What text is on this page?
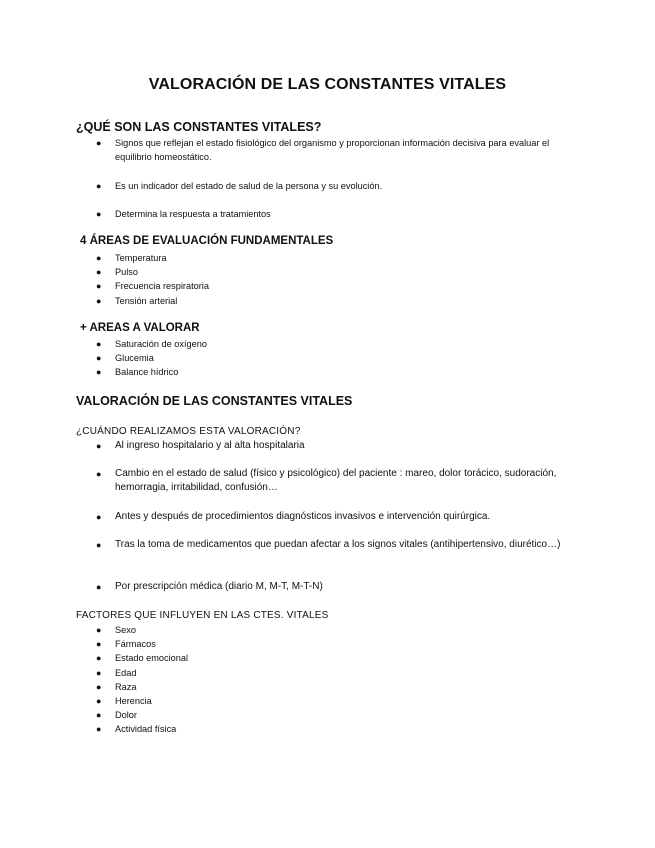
VALORACIÓN DE LAS CONSTANTES VITALES
¿QUÉ SON LAS CONSTANTES VITALES?
● Signos que reflejan el estado fisiológico del organismo y proporcionan información decisiva para evaluar el equilibrio homeostático.
● Es un indicador del estado de salud de la persona y su evolución.
● Determina la respuesta a tratamientos
4 ÁREAS DE EVALUACIÓN FUNDAMENTALES
● Temperatura
● Pulso
● Frecuencia respiratoria
● Tensión arterial
+ AREAS A VALORAR
● Saturación de oxígeno
● Glucemia
● Balance hídrico
VALORACIÓN DE LAS CONSTANTES VITALES
¿CUÁNDO REALIZAMOS ESTA VALORACIÓN?
● Al ingreso hospitalario y al alta hospitalaria
● Cambio en el estado de salud (físico y psicológico) del paciente : mareo, dolor torácico, sudoración, hemorragia, irritabilidad, confusión…
● Antes y después de procedimientos diagnósticos invasivos e intervención quirúrgica.
● Tras la toma de medicamentos que puedan afectar a los signos vitales (antihipertensivo, diurético…)
● Por prescripción médica (diario M, M-T, M-T-N)
FACTORES QUE INFLUYEN EN LAS CTES. VITALES
● Sexo
● Fármacos
● Estado emocional
● Edad
● Raza
● Herencia
● Dolor
● Actividad física
